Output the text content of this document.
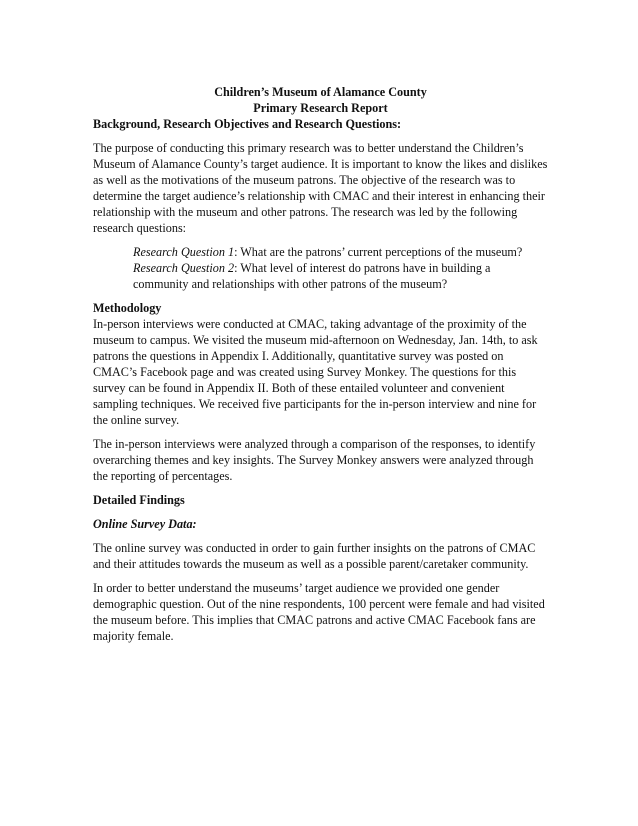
Children’s Museum of Alamance County

Primary Research Report

Background, Research Objectives and Research Questions:

The purpose of conducting this primary research was to better understand the Children’s Museum of Alamance County’s target audience. It is important to know the likes and dislikes as well as the motivations of the museum patrons. The objective of the research was to determine the target audience’s relationship with CMAC and their interest in enhancing their relationship with the museum and other patrons. The research was led by the following research questions:

Research Question 1: What are the patrons’ current perceptions of the museum?
Research Question 2: What level of interest do patrons have in building a community and relationships with other patrons of the museum?

Methodology

In-person interviews were conducted at CMAC, taking advantage of the proximity of the museum to campus. We visited the museum mid-afternoon on Wednesday, Jan. 14th, to ask patrons the questions in Appendix I. Additionally, quantitative survey was posted on CMAC’s Facebook page and was created using Survey Monkey. The questions for this survey can be found in Appendix II. Both of these entailed volunteer and convenient sampling techniques. We received five participants for the in-person interview and nine for the online survey.

The in-person interviews were analyzed through a comparison of the responses, to identify overarching themes and key insights. The Survey Monkey answers were analyzed through the reporting of percentages.

Detailed Findings

Online Survey Data:

The online survey was conducted in order to gain further insights on the patrons of CMAC and their attitudes towards the museum as well as a possible parent/caretaker community.

In order to better understand the museums’ target audience we provided one gender demographic question. Out of the nine respondents, 100 percent were female and had visited the museum before. This implies that CMAC patrons and active CMAC Facebook fans are majority female.
